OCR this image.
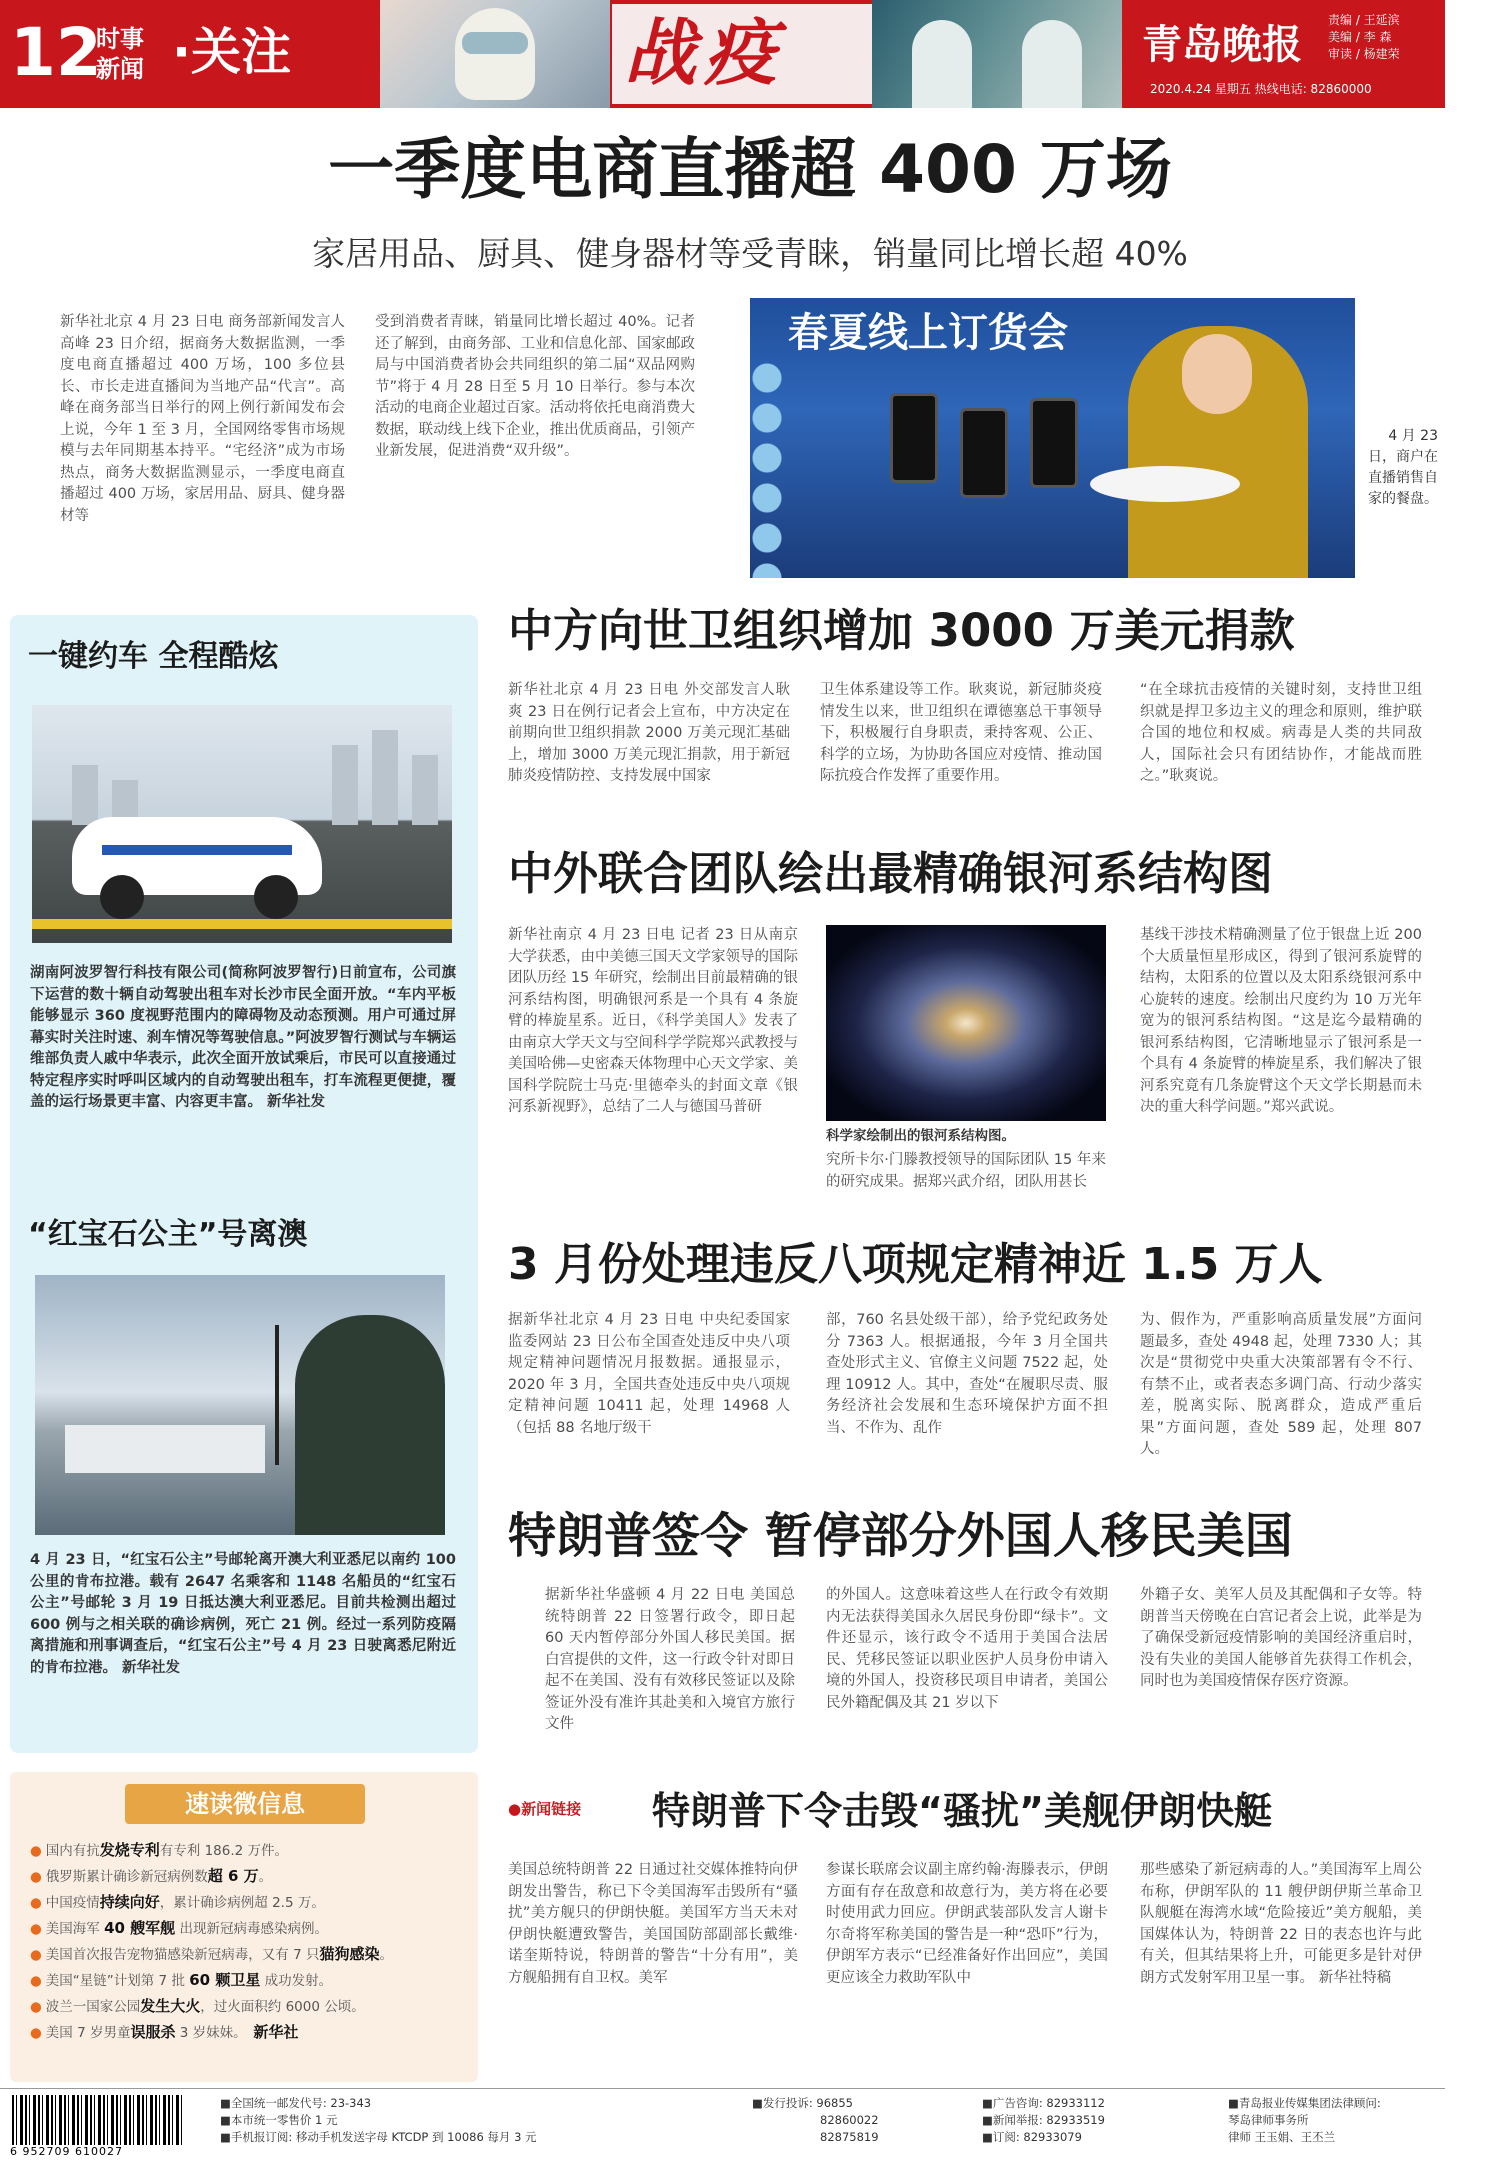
12
时事
新闻 ·关注	战疫	青岛晚报
责编 / 王延滨
美编 / 李 森
审读 / 杨建荣
2020.4.24 星期五 热线电话: 82860000
一季度电商直播超 400 万场
家居用品、厨具、健身器材等受青睐，销量同比增长超 40%
新华社北京 4 月 23 日电 商务部新闻发言人高峰 23 日介绍，据商务大数据监测，一季度电商直播超过 400 万场，100 多位县长、市长走进直播间为当地产品“代言”。高峰在商务部当日举行的网上例行新闻发布会上说，今年 1 至 3 月，全国网络零售市场规模与去年同期基本持平。“宅经济”成为市场热点，商务大数据监测显示，一季度电商直播超过 400 万场，家居用品、厨具、健身器材等
受到消费者青睐，销量同比增长超过 40%。记者还了解到，由商务部、工业和信息化部、国家邮政局与中国消费者协会共同组织的第二届“双品网购节”将于 4 月 28 日至 5 月 10 日举行。参与本次活动的电商企业超过百家。活动将依托电商消费大数据，联动线上线下企业，推出优质商品，引领产业新发展，促进消费“双升级”。
春夏线上订货会
4 月 23 日，商户在直播销售自家的餐盘。
一键约车 全程酷炫
湖南阿波罗智行科技有限公司(简称阿波罗智行)日前宣布，公司旗下运营的数十辆自动驾驶出租车对长沙市民全面开放。“车内平板能够显示 360 度视野范围内的障碍物及动态预测。用户可通过屏幕实时关注时速、刹车情况等驾驶信息。”阿波罗智行测试与车辆运维部负责人戚中华表示，此次全面开放试乘后，市民可以直接通过特定程序实时呼叫区域内的自动驾驶出租车，打车流程更便捷，覆盖的运行场景更丰富、内容更丰富。 新华社发
“红宝石公主”号离澳
4 月 23 日，“红宝石公主”号邮轮离开澳大利亚悉尼以南约 100 公里的肯布拉港。载有 2647 名乘客和 1148 名船员的“红宝石公主”号邮轮 3 月 19 日抵达澳大利亚悉尼。目前共检测出超过 600 例与之相关联的确诊病例，死亡 21 例。经过一系列防疫隔离措施和刑事调查后，“红宝石公主”号 4 月 23 日驶离悉尼附近的肯布拉港。 新华社发
速读微信息
● 国内有抗发烧专利有专利 186.2 万件。
● 俄罗斯累计确诊新冠病例数超 6 万。
● 中国疫情持续向好，累计确诊病例超 2.5 万。
● 美国海军 40 艘军舰 出现新冠病毒感染病例。
● 美国首次报告宠物猫感染新冠病毒，又有 7 只猫狗感染。
● 美国“星链”计划第 7 批 60 颗卫星 成功发射。
● 波兰一国家公园发生大火，过火面积约 6000 公顷。
● 美国 7 岁男童误服杀 3 岁妹妹。　 新华社
中方向世卫组织增加 3000 万美元捐款
新华社北京 4 月 23 日电 外交部发言人耿爽 23 日在例行记者会上宣布，中方决定在前期向世卫组织捐款 2000 万美元现汇基础上，增加 3000 万美元现汇捐款，用于新冠肺炎疫情防控、支持发展中国家
卫生体系建设等工作。耿爽说，新冠肺炎疫情发生以来，世卫组织在谭德塞总干事领导下，积极履行自身职责，秉持客观、公正、科学的立场，为协助各国应对疫情、推动国际抗疫合作发挥了重要作用。
“在全球抗击疫情的关键时刻，支持世卫组织就是捍卫多边主义的理念和原则，维护联合国的地位和权威。病毒是人类的共同敌人，国际社会只有团结协作，才能战而胜之。”耿爽说。
中外联合团队绘出最精确银河系结构图
新华社南京 4 月 23 日电 记者 23 日从南京大学获悉，由中美德三国天文学家领导的国际团队历经 15 年研究，绘制出目前最精确的银河系结构图，明确银河系是一个具有 4 条旋臂的棒旋星系。近日，《科学美国人》发表了由南京大学天文与空间科学学院郑兴武教授与美国哈佛—史密森天体物理中心天文学家、美国科学院院士马克·里德牵头的封面文章《银河系新视野》，总结了二人与德国马普研
科学家绘制出的银河系结构图。
究所卡尔·门滕教授领导的国际团队 15 年来的研究成果。据郑兴武介绍，团队用甚长
基线干涉技术精确测量了位于银盘上近 200 个大质量恒星形成区，得到了银河系旋臂的结构，太阳系的位置以及太阳系绕银河系中心旋转的速度。绘制出尺度约为 10 万光年宽为的银河系结构图。“这是迄今最精确的银河系结构图，它清晰地显示了银河系是一个具有 4 条旋臂的棒旋星系，我们解决了银河系究竟有几条旋臂这个天文学长期悬而未决的重大科学问题。”郑兴武说。
3 月份处理违反八项规定精神近 1.5 万人
据新华社北京 4 月 23 日电 中央纪委国家监委网站 23 日公布全国查处违反中央八项规定精神问题情况月报数据。通报显示，2020 年 3 月，全国共查处违反中央八项规定精神问题 10411 起，处理 14968 人（包括 88 名地厅级干
部，760 名县处级干部），给予党纪政务处分 7363 人。根据通报，今年 3 月全国共查处形式主义、官僚主义问题 7522 起，处理 10912 人。其中，查处“在履职尽责、服务经济社会发展和生态环境保护方面不担当、不作为、乱作
为、假作为，严重影响高质量发展”方面问题最多，查处 4948 起，处理 7330 人；其次是“贯彻党中央重大决策部署有令不行、有禁不止，或者表态多调门高、行动少落实差，脱离实际、脱离群众，造成严重后果”方面问题，查处 589 起，处理 807 人。
特朗普签令 暂停部分外国人移民美国
据新华社华盛顿 4 月 22 日电 美国总统特朗普 22 日签署行政令，即日起 60 天内暂停部分外国人移民美国。据白宫提供的文件，这一行政令针对即日起不在美国、没有有效移民签证以及除签证外没有准许其赴美和入境官方旅行文件
的外国人。这意味着这些人在行政令有效期内无法获得美国永久居民身份即“绿卡”。文件还显示，该行政令不适用于美国合法居民、凭移民签证以职业医护人员身份申请入境的外国人，投资移民项目申请者，美国公民外籍配偶及其 21 岁以下
外籍子女、美军人员及其配偶和子女等。特朗普当天傍晚在白宫记者会上说，此举是为了确保受新冠疫情影响的美国经济重启时，没有失业的美国人能够首先获得工作机会，同时也为美国疫情保存医疗资源。
●新闻链接 特朗普下令击毁“骚扰”美舰伊朗快艇
美国总统特朗普 22 日通过社交媒体推特向伊朗发出警告，称已下令美国海军击毁所有“骚扰”美方舰只的伊朗快艇。美国军方当天未对伊朗快艇遭致警告，美国国防部副部长戴维·诺奎斯特说，特朗普的警告“十分有用”，美方舰船拥有自卫权。美军
参谋长联席会议副主席约翰·海滕表示，伊朗方面有存在敌意和故意行为，美方将在必要时使用武力回应。伊朗武装部队发言人谢卡尔奇将军称美国的警告是一种“恐吓”行为，伊朗军方表示“已经准备好作出回应”，美国更应该全力救助军队中
那些感染了新冠病毒的人。”美国海军上周公布称，伊朗军队的 11 艘伊朗伊斯兰革命卫队舰艇在海湾水域“危险接近”美方舰船，美国媒体认为，特朗普 22 日的表态也许与此有关，但其结果将上升，可能更多是针对伊朗方式发射军用卫星一事。 新华社特稿
6 952709 610027
■全国统一邮发代号: 23-343
■本市统一零售价 1 元
■手机报订阅: 移动手机发送字母 KTCDP 到 10086 每月 3 元
■发行投诉: 96855
82860022
82875819
■广告咨询: 82933112
■新闻举报: 82933519
■订阅: 82933079
■青岛报业传媒集团法律顾问:
琴岛律师事务所
律师 王玉娟、王丕兰
